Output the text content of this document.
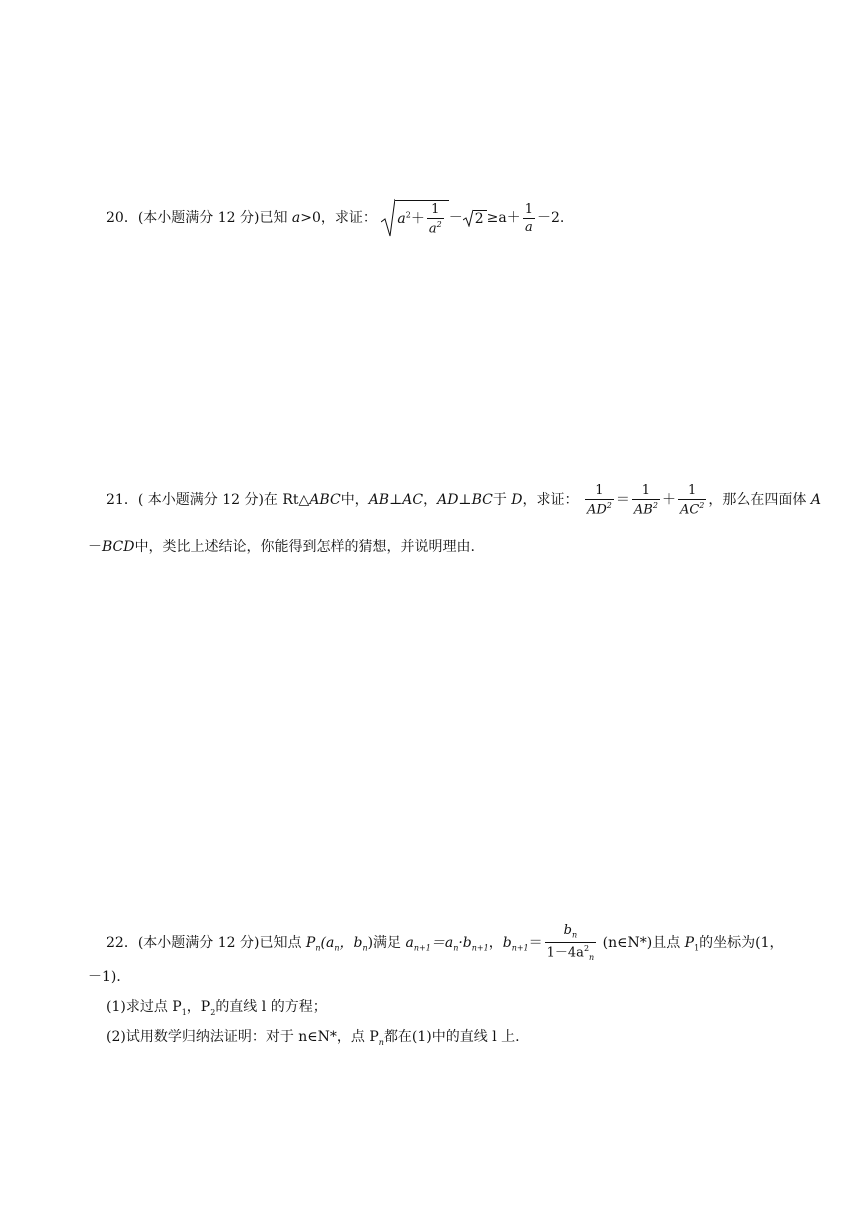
20．(本小题满分 12 分)已知 a>0，求证： $a^2+ \frac{1}{a^2} - 2 \ge a+ \frac{1}{a} -2$.
21．( 本小题满分 12 分)在 Rt△ABC中，AB⊥AC，AD⊥BC于 D，求证： $\frac{1}{AD^2} = \frac{1}{AB^2} + \frac{1}{AC^2}$ ，那么在四面体 A
－BCD中，类比上述结论，你能得到怎样的猜想，并说明理由.
22．(本小题满分 12 分)已知点 $P_n(a_n$，$b_n$)满足 $a_{n+1}=a_n\cdot b_{n+1}$，$b_{n+1}= \frac{b_n}{1-4a^2_n}$ (n∈N*)且点 $P_1$的坐标为(1，
－1)．
(1)求过点 $P_1$，$P_2$的直线 l 的方程；
(2)试用数学归纳法证明：对于 n∈N*，点 $P_n$都在(1)中的直线 l 上.
